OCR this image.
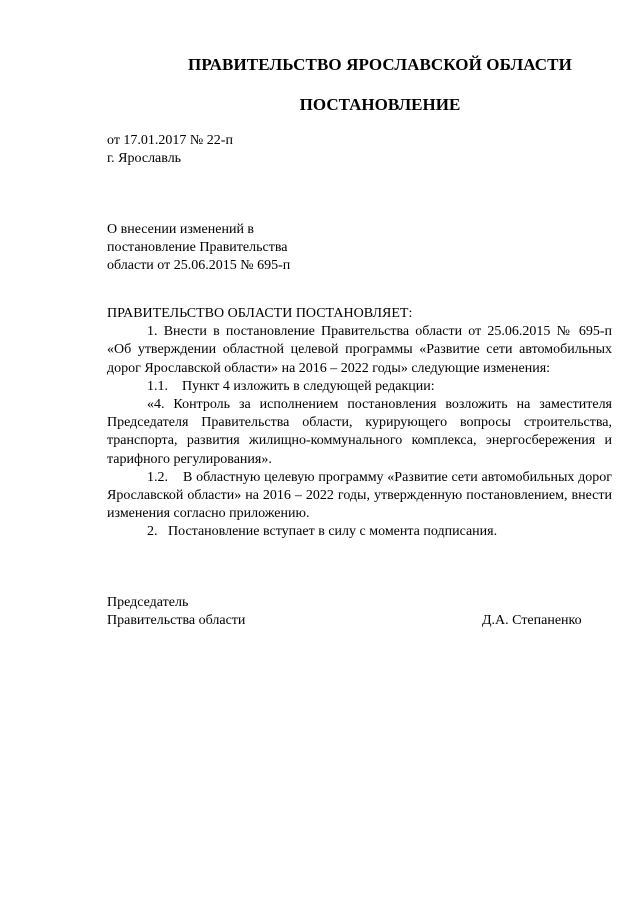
ПРАВИТЕЛЬСТВО ЯРОСЛАВСКОЙ ОБЛАСТИ
ПОСТАНОВЛЕНИЕ
от 17.01.2017 № 22-п
г. Ярославль
О внесении изменений в
постановление Правительства
области от 25.06.2015 № 695-п

ПРАВИТЕЛЬСТВО ОБЛАСТИ ПОСТАНОВЛЯЕТ:

1. Внести в постановление Правительства области от 25.06.2015 № 695-п «Об утверждении областной целевой программы «Развитие сети автомобильных дорог Ярославской области» на 2016 – 2022 годы» следующие изменения:

1.1.    Пункт 4 изложить в следующей редакции:

«4. Контроль за исполнением постановления возложить на заместителя Председателя Правительства области, курирующего вопросы строительства, транспорта, развития жилищно-коммунального комплекса, энергосбережения и тарифного регулирования».

1.2.    В областную целевую программу «Развитие сети автомобильных дорог Ярославской области» на 2016 – 2022 годы, утвержденную постановлением, внести изменения согласно приложению.

2.   Постановление вступает в силу с момента подписания.

Председатель
Правительства области	Д.А. Степаненко
